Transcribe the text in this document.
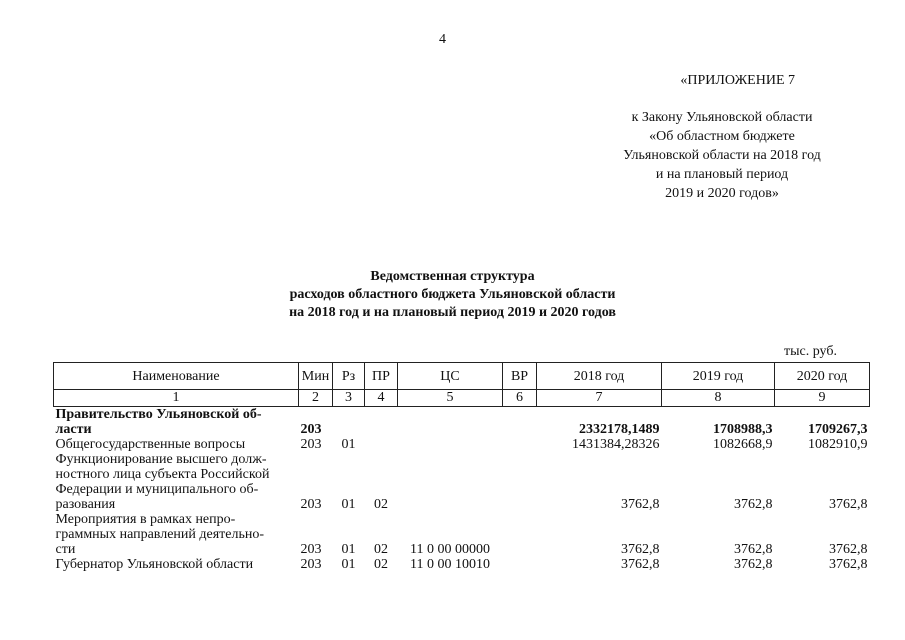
4
«ПРИЛОЖЕНИЕ 7
к Закону Ульяновской области
«Об областном бюджете
Ульяновской области на 2018 год
и на плановый период
2019 и 2020 годов»
Ведомственная структура
расходов областного бюджета Ульяновской области
на 2018 год и на плановый период 2019 и 2020 годов
тыс. руб.
Наименование	Мин	Рз	ПР	ЦС	ВР	2018 год	2019 год	2020 год
1	2	3	4	5	6	7	8	9

Правительство Ульяновской об-
ласти	203					2332178,1489	1708988,3	1709267,3

Общегосударственные вопросы	203	01				1431384,28326	1082668,9	1082910,9

Функционирование высшего долж-
ностного лица субъекта Российской
Федерации и муниципального об-
разования	203	01	02			3762,8	3762,8	3762,8

Мероприятия в рамках непро-
граммных направлений деятельно-
сти	203	01	02	11 0 00 00000		3762,8	3762,8	3762,8

Губернатор Ульяновской области	203	01	02	11 0 00 10010		3762,8	3762,8	3762,8
